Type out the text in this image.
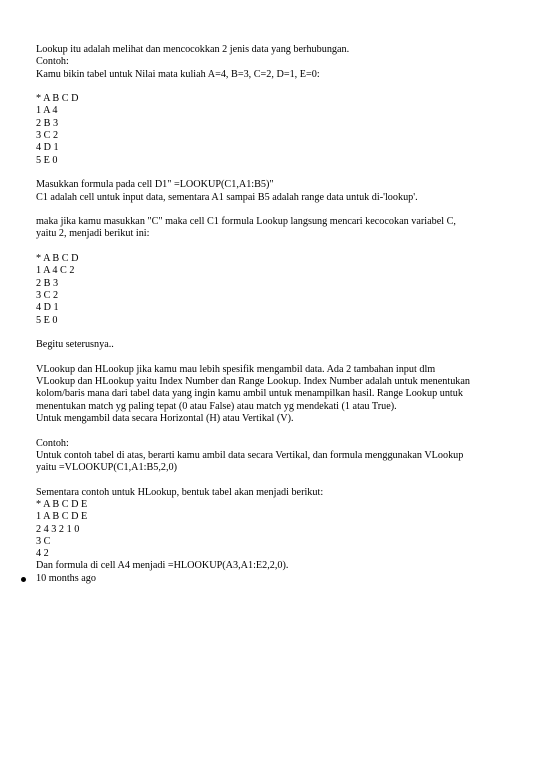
Lookup itu adalah melihat dan mencocokkan 2 jenis data yang berhubungan.
Contoh:
Kamu bikin tabel untuk Nilai mata kuliah A=4, B=3, C=2, D=1, E=0:
* A B C D
1 A 4
2 B 3
3 C 2
4 D 1
5 E 0
Masukkan formula pada cell D1" =LOOKUP(C1,A1:B5)"
C1 adalah cell untuk input data, sementara A1 sampai B5 adalah range data untuk di-'lookup'.
maka jika kamu masukkan "C" maka cell C1 formula Lookup langsung mencari kecocokan variabel C,
yaitu 2, menjadi berikut ini:
* A B C D
1 A 4 C 2
2 B 3
3 C 2
4 D 1
5 E 0
Begitu seterusnya..
VLookup dan HLookup jika kamu mau lebih spesifik mengambil data. Ada 2 tambahan input dlm
VLookup dan HLookup yaitu Index Number dan Range Lookup. Index Number adalah untuk menentukan
kolom/baris mana dari tabel data yang ingin kamu ambil untuk menampilkan hasil. Range Lookup untuk
menentukan match yg paling tepat (0 atau False) atau match yg mendekati (1 atau True).
Untuk mengambil data secara Horizontal (H) atau Vertikal (V).
Contoh:
Untuk contoh tabel di atas, berarti kamu ambil data secara Vertikal, dan formula menggunakan VLookup
yaitu =VLOOKUP(C1,A1:B5,2,0)
Sementara contoh untuk HLookup, bentuk tabel akan menjadi berikut:
* A B C D E
1 A B C D E
2 4 3 2 1 0
3 C
4 2
Dan formula di cell A4 menjadi =HLOOKUP(A3,A1:E2,2,0).
10 months ago
